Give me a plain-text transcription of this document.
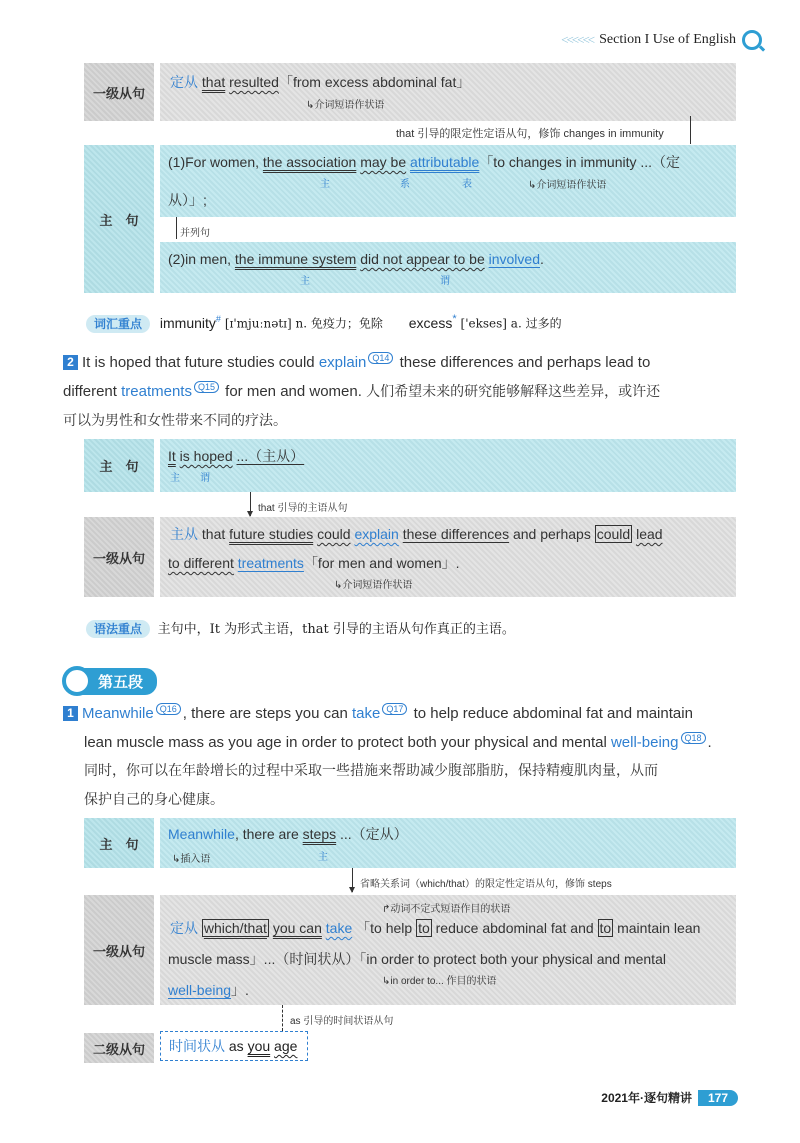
<<<<<< Section I Use of English
一级从句
定从 that resulted「from excess abdominal fat」
↳介词短语作状语
that 引导的限定性定语从句，修饰 changes in immunity
主　句
(1)For women, the association may be attributable「to changes in immunity ...（定
主	系	表	↳介词短语作状语
从）」;
并列句
(2)in men, the immune system did not appear to be involved.
主	谓
词汇重点 immunity# [ɪ'mjuːnətɪ] n. 免疫力；免除 excess* ['ekses] a. 过多的
2 It is hoped that future studies could explain Q14 these differences and perhaps lead to
different treatments Q15 for men and women. 人们希望未来的研究能够解释这些差异，或许还
可以为男性和女性带来不同的疗法。
主　句
It is hoped ...（主从）
主 谓
that 引导的主语从句
一级从句
主从 that future studies could explain these differences and perhaps could lead
to different treatments「for men and women」.
↳介词短语作状语
语法重点 主句中，It 为形式主语，that 引导的主语从句作真正的主语。
第五段
1 Meanwhile Q16 , there are steps you can take Q17 to help reduce abdominal fat and maintain
lean muscle mass as you age in order to protect both your physical and mental well-being Q18 .
同时，你可以在年龄增长的过程中采取一些措施来帮助减少腹部脂肪，保持精瘦肌肉量，从而
保护自己的身心健康。
主　句
Meanwhile, there are steps ...（定从）
↳插入语	主
省略关系词（which/that）的限定性定语从句，修饰 steps
一级从句
↱动词不定式短语作目的状语
定从 which/that you can take 「to help to reduce abdominal fat and to maintain lean
muscle mass」...（时间状从）「in order to protect both your physical and mental
well-being」.
↳in order to... 作目的状语
as 引导的时间状语从句
二级从句	时间状从 as you age
2021年·逐句精讲	177
